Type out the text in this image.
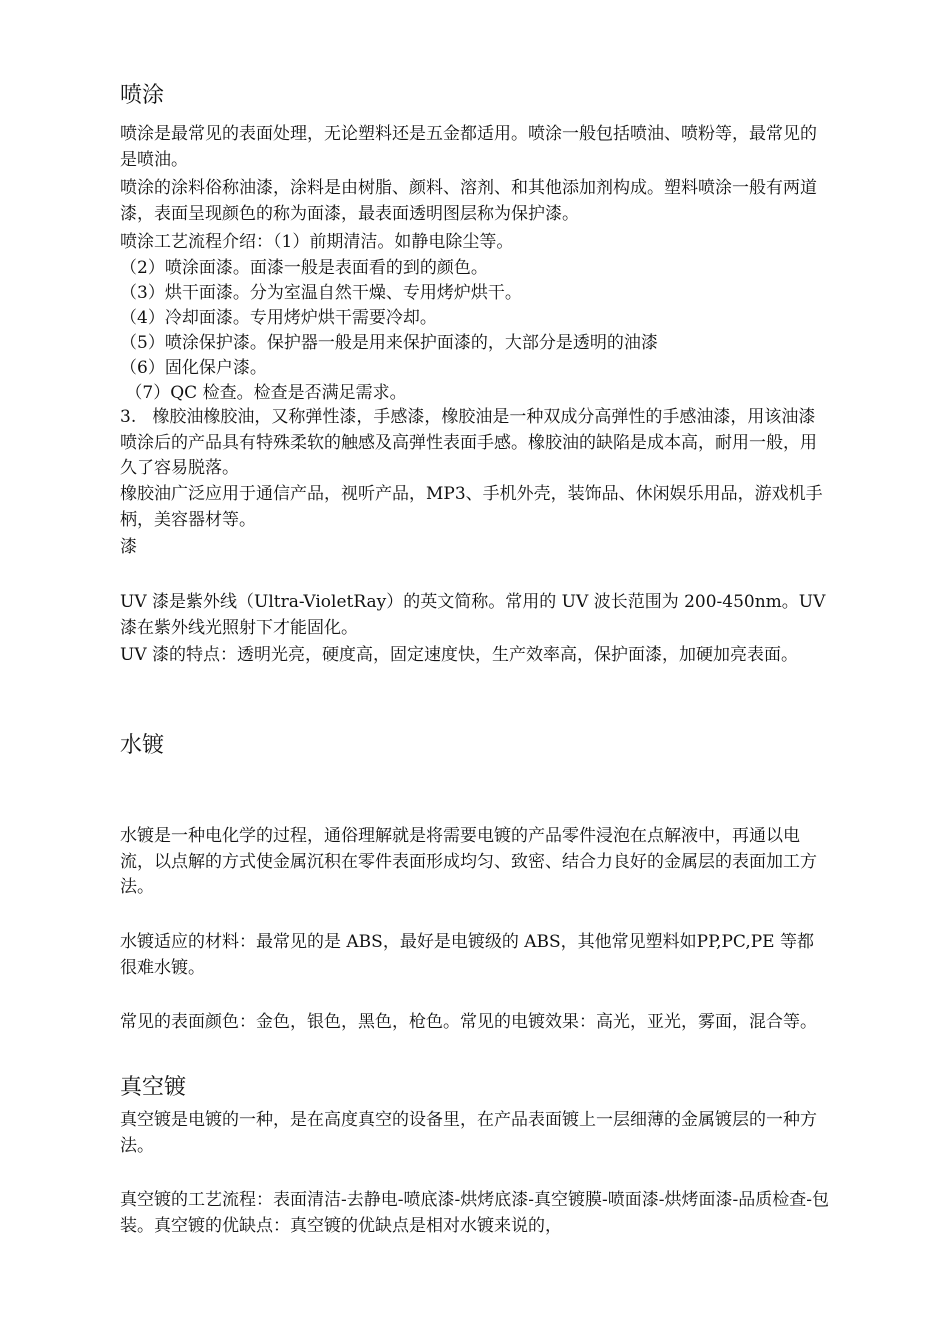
喷涂

喷涂是最常见的表面处理，无论塑料还是五金都适用。喷涂一般包括喷油、喷粉等，最常见的是喷油。

喷涂的涂料俗称油漆，涂料是由树脂、颜料、溶剂、和其他添加剂构成。塑料喷涂一般有两道漆，表面呈现颜色的称为面漆，最表面透明图层称为保护漆。

喷涂工艺流程介绍：（1）前期清洁。如静电除尘等。

（2）喷涂面漆。面漆一般是表面看的到的颜色。

（3）烘干面漆。分为室温自然干燥、专用烤炉烘干。

（4）冷却面漆。专用烤炉烘干需要冷却。

（5）喷涂保护漆。保护器一般是用来保护面漆的，大部分是透明的油漆

（6）固化保户漆。

（7）QC 检查。检查是否满足需求。

3.   橡胶油橡胶油，又称弹性漆，手感漆，橡胶油是一种双成分高弹性的手感油漆，用该油漆喷涂后的产品具有特殊柔软的触感及高弹性表面手感。橡胶油的缺陷是成本高，耐用一般，用久了容易脱落。

橡胶油广泛应用于通信产品，视听产品，MP3、手机外壳，装饰品、休闲娱乐用品，游戏机手柄，美容器材等。

漆

UV 漆是紫外线（Ultra-VioletRay）的英文简称。常用的 UV 波长范围为 200-450nm。UV 漆在紫外线光照射下才能固化。

UV 漆的特点：透明光亮，硬度高，固定速度快，生产效率高，保护面漆，加硬加亮表面。

水镀

水镀是一种电化学的过程，通俗理解就是将需要电镀的产品零件浸泡在点解液中，再通以电流，以点解的方式使金属沉积在零件表面形成均匀、致密、结合力良好的金属层的表面加工方法。

水镀适应的材料：最常见的是 ABS，最好是电镀级的 ABS，其他常见塑料如PP,PC,PE 等都很难水镀。

常见的表面颜色：金色，银色，黑色，枪色。常见的电镀效果：高光，亚光，雾面，混合等。

真空镀

真空镀是电镀的一种，是在高度真空的设备里，在产品表面镀上一层细薄的金属镀层的一种方法。

真空镀的工艺流程：表面清洁-去静电-喷底漆-烘烤底漆-真空镀膜-喷面漆-烘烤面漆-品质检查-包装。真空镀的优缺点：真空镀的优缺点是相对水镀来说的，
